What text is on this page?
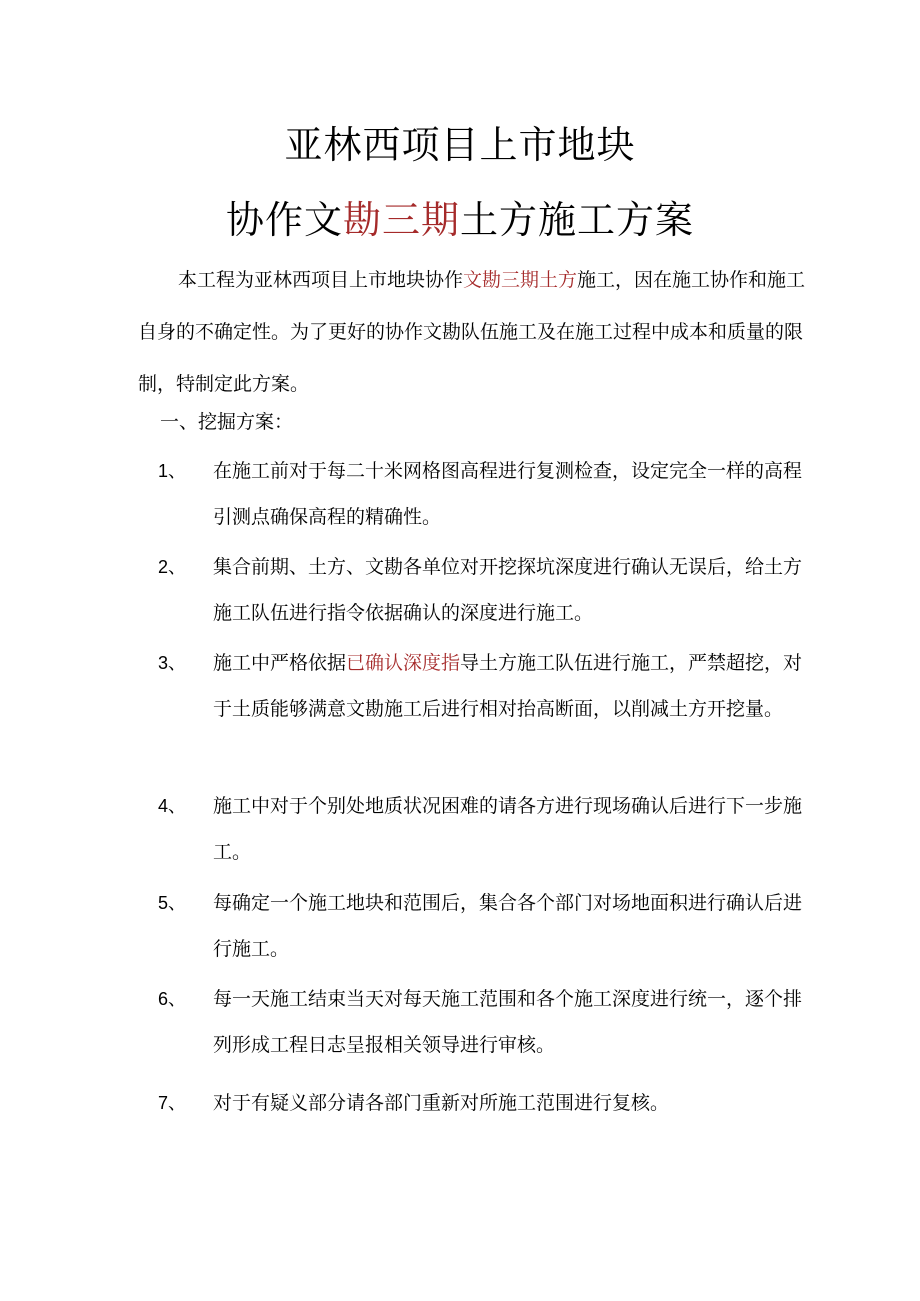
亚林西项目上市地块
协作文勘三期土方施工方案

本工程为亚林西项目上市地块协作文勘三期土方施工，因在施工协作和施工自身的不确定性。为了更好的协作文勘队伍施工及在施工过程中成本和质量的限制，特制定此方案。

一、挖掘方案：

1、	在施工前对于每二十米网格图高程进行复测检查，设定完全一样的高程引测点确保高程的精确性。
2、	集合前期、土方、文勘各单位对开挖探坑深度进行确认无误后，给土方施工队伍进行指令依据确认的深度进行施工。
3、	施工中严格依据已确认深度指导土方施工队伍进行施工，严禁超挖，对于土质能够满意文勘施工后进行相对抬高断面，以削减土方开挖量。
4、	施工中对于个别处地质状况困难的请各方进行现场确认后进行下一步施工。
5、	每确定一个施工地块和范围后，集合各个部门对场地面积进行确认后进行施工。
6、	每一天施工结束当天对每天施工范围和各个施工深度进行统一，逐个排列形成工程日志呈报相关领导进行审核。
7、	对于有疑义部分请各部门重新对所施工范围进行复核。
